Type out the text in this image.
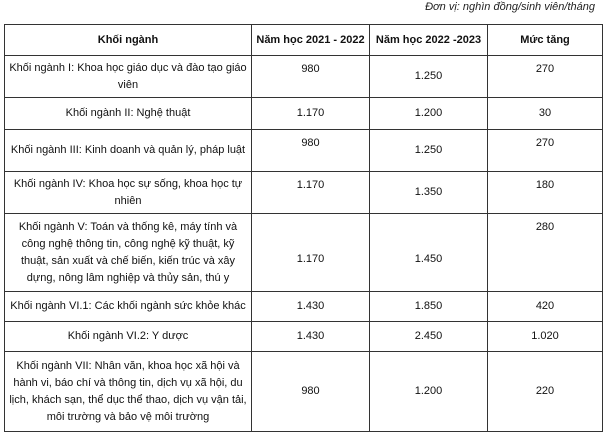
Đơn vị: nghìn đồng/sinh viên/tháng
Khối ngành	Năm học 2021 - 2022	Năm học 2022 -2023	Mức tăng
Khối ngành I: Khoa học giáo dục và đào tạo giáo viên	980	1.250	270
Khối ngành II: Nghệ thuật	1.170	1.200	30
Khối ngành III: Kinh doanh và quản lý, pháp luật	980	1.250	270
Khối ngành IV: Khoa học sự sống, khoa học tự nhiên	1.170	1.350	180
Khối ngành V: Toán và thống kê, máy tính và công nghệ thông tin, công nghệ kỹ thuật, kỹ thuật, sản xuất và chế biến, kiến trúc và xây dựng, nông lâm nghiệp và thủy sản, thú y	1.170	1.450	280
Khối ngành VI.1: Các khối ngành sức khỏe khác	1.430	1.850	420
Khối ngành VI.2: Y dược	1.430	2.450	1.020
Khối ngành VII: Nhân văn, khoa học xã hội và hành vi, báo chí và thông tin, dịch vụ xã hội, du lịch, khách sạn, thể dục thể thao, dịch vụ vận tải, môi trường và bảo vệ môi trường	980	1.200	220
